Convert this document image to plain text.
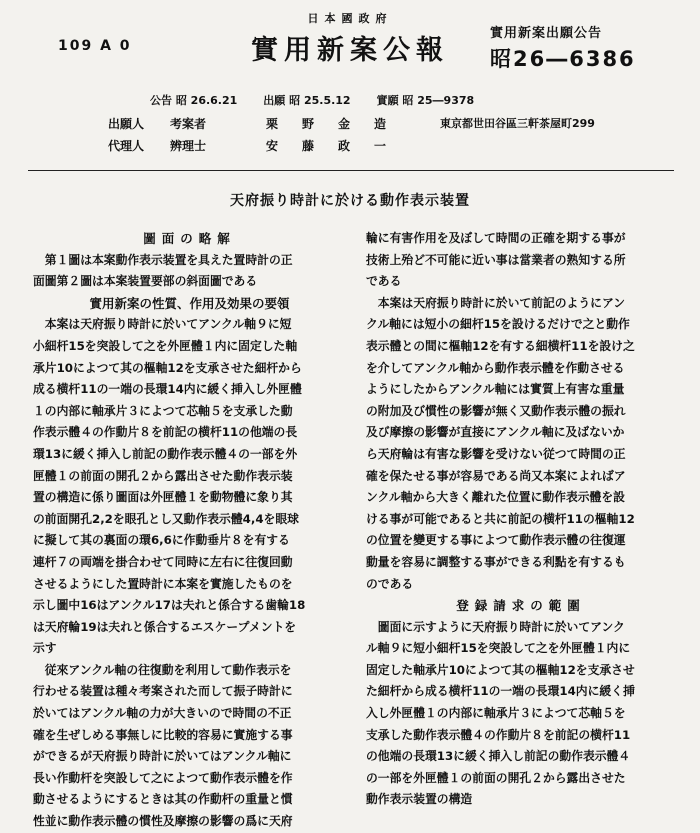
109 A 0
日本國政府
實用新案公報
實用新案出願公告
昭26―6386
公告 昭 26.6.21 出願 昭 25.5.12 實願 昭 25―9378
出願人 考案者	栗野金造	東京都世田谷區三軒茶屋町299
代理人 辨理士	安藤政一
天府振り時計に於ける動作表示装置

圖面の略解

　第１圖は本案動作表示装置を具えた置時計の正

面圖第２圖は本案装置要部の斜面圖である

實用新案の性質、作用及効果の要領

　本案は天府振り時計に於いてアンクル軸９に短

小細杆15を突設して之を外匣體１内に固定した軸

承片10によつて其の樞軸12を支承させた細杆から

成る横杆11の一端の長環14内に緩く挿入し外匣體

１の内部に軸承片３によつて芯軸５を支承した動

作表示體４の作動片８を前記の横杆11の他端の長

環13に緩く挿入し前記の動作表示體４の一部を外

匣體１の前面の開孔２から露出させた動作表示装

置の構造に係り圖面は外匣體１を動物體に象り其

の前面開孔2,2を眼孔とし又動作表示體4,4を眼球

に擬して其の裏面の環6,6に作動垂片８を有する

連杆７の両端を掛合わせて同時に左右に往復回動

させるようにした置時計に本案を實施したものを

示し圖中16はアンクル17は夫れと係合する歯輪18

は天府輪19は夫れと係合するエスケープメントを

示す

　従來アンクル軸の往復動を利用して動作表示を

行わせる装置は種々考案された而して振子時計に

於いてはアンクル軸の力が大きいので時間の不正

確を生ぜしめる事無しに比較的容易に實施する事

ができるが天府振り時計に於いてはアンクル軸に

長い作動杆を突設して之によつて動作表示體を作

動させるようにするときは其の作動杆の重量と慣

性並に動作表示體の慣性及摩擦の影響の爲に天府

輪に有害作用を及ぼして時間の正確を期する事が

技術上殆ど不可能に近い事は當業者の熟知する所

である

　本案は天府振り時計に於いて前記のようにアン

クル軸には短小の細杆15を設けるだけで之と動作

表示體との間に樞軸12を有する細横杆11を設け之

を介してアンクル軸から動作表示體を作動させる

ようにしたからアンクル軸には實質上有害な重量

の附加及び慣性の影響が無く又動作表示體の振れ

及び摩擦の影響が直接にアンクル軸に及ばないか

ら天府輪は有害な影響を受けない従つて時間の正

確を保たせる事が容易である尚又本案によればア

ンクル軸から大きく離れた位置に動作表示體を設

ける事が可能であると共に前記の横杆11の樞軸12

の位置を變更する事によつて動作表示體の往復運

動量を容易に調整する事ができる利點を有するも

のである

登録請求の範圍

　圖面に示すように天府振り時計に於いてアンク

ル軸９に短小細杆15を突設して之を外匣體１内に

固定した軸承片10によつて其の樞軸12を支承させ

た細杆から成る横杆11の一端の長環14内に緩く挿

入し外匣體１の内部に軸承片３によつて芯軸５を

支承した動作表示體４の作動片８を前記の横杆11

の他端の長環13に緩く挿入し前記の動作表示體４

の一部を外匣體１の前面の開孔２から露出させた

動作表示装置の構造
